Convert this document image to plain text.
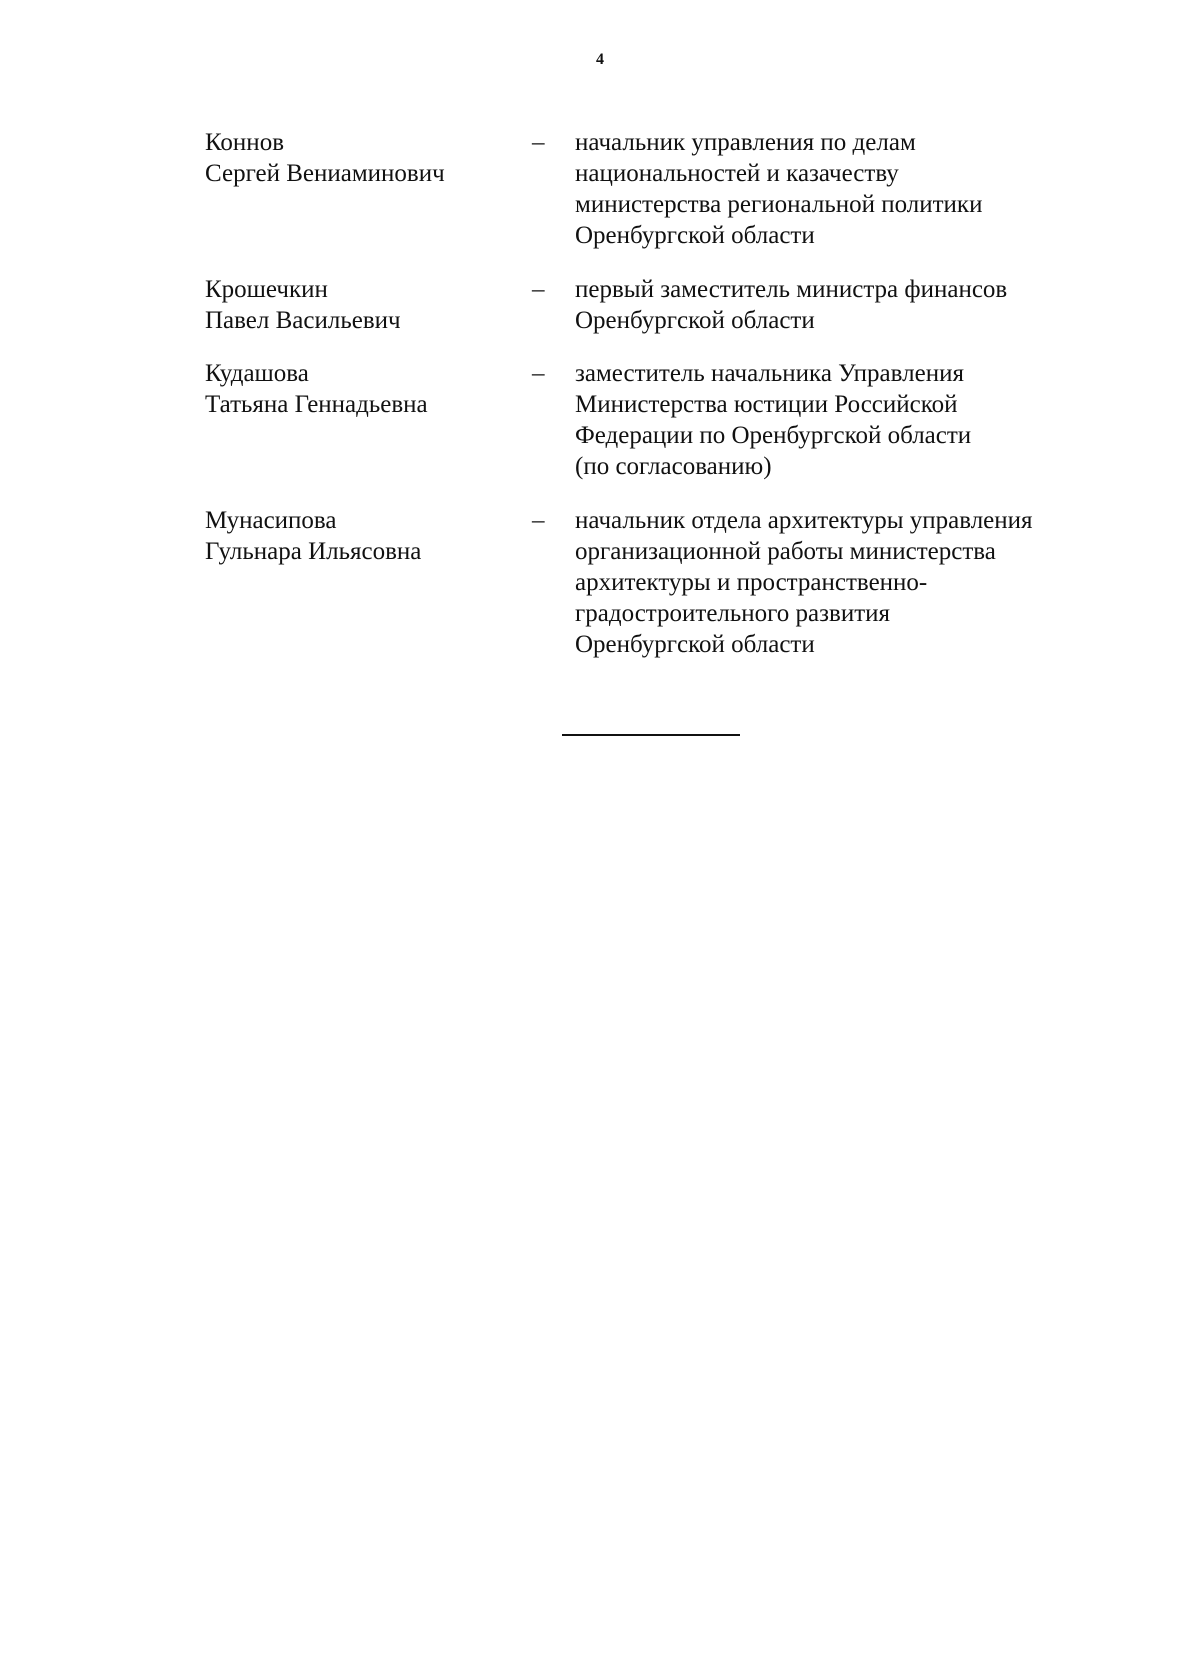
4
Коннов
Сергей Вениаминович
– начальник управления по делам
национальностей и казачеству
министерства региональной политики
Оренбургской области
Крошечкин
Павел Васильевич
– первый заместитель министра финансов
Оренбургской области
Кудашова
Татьяна Геннадьевна
– заместитель начальника Управления
Министерства юстиции Российской
Федерации по Оренбургской области
(по согласованию)
Мунасипова
Гульнара Ильясовна
– начальник отдела архитектуры управления
организационной работы министерства
архитектуры и пространственно-
градостроительного развития
Оренбургской области
